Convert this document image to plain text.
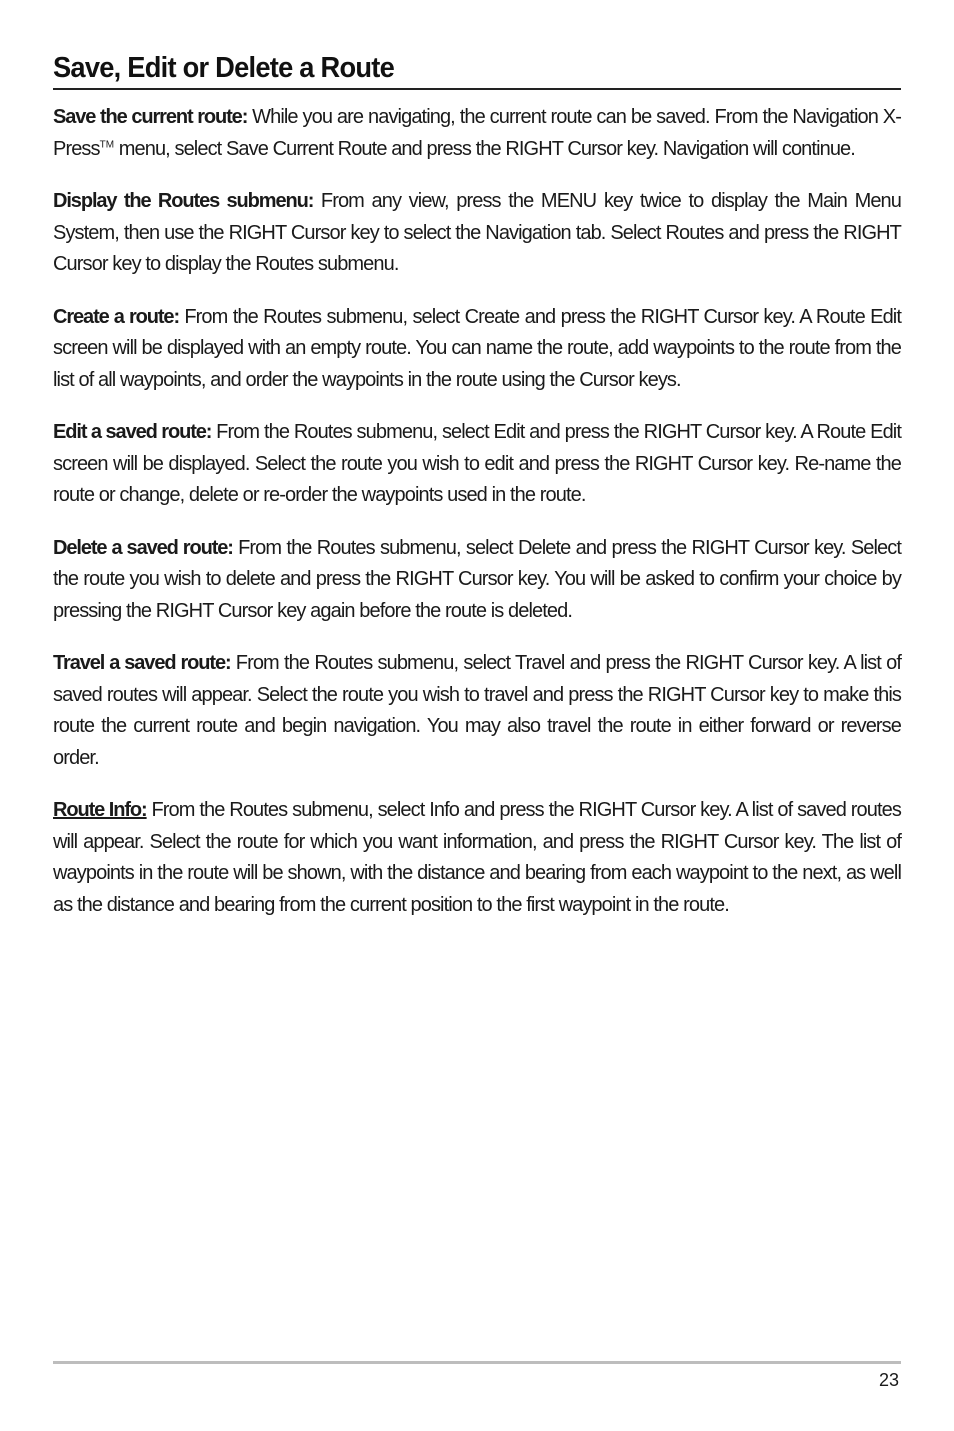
Save, Edit or Delete a Route

Save the current route: While you are navigating, the current route can be saved. From the Navigation X-Press™ menu, select Save Current Route and press the RIGHT Cursor key. Navigation will continue.

Display the Routes submenu: From any view, press the MENU key twice to display the Main Menu System, then use the RIGHT Cursor key to select the Navigation tab. Select Routes and press the RIGHT Cursor key to display the Routes submenu.

Create a route: From the Routes submenu, select Create and press the RIGHT Cursor key. A Route Edit screen will be displayed with an empty route. You can name the route, add waypoints to the route from the list of all waypoints, and order the waypoints in the route using the Cursor keys.

Edit a saved route: From the Routes submenu, select Edit and press the RIGHT Cursor key. A Route Edit screen will be displayed. Select the route you wish to edit and press the RIGHT Cursor key. Re-name the route or change, delete or re-order the waypoints used in the route.

Delete a saved route: From the Routes submenu, select Delete and press the RIGHT Cursor key. Select the route you wish to delete and press the RIGHT Cursor key. You will be asked to confirm your choice by pressing the RIGHT Cursor key again before the route is deleted.

Travel a saved route: From the Routes submenu, select Travel and press the RIGHT Cursor key. A list of saved routes will appear. Select the route you wish to travel and press the RIGHT Cursor key to make this route the current route and begin navigation. You may also travel the route in either forward or reverse order.

Route Info: From the Routes submenu, select Info and press the RIGHT Cursor key. A list of saved routes will appear. Select the route for which you want information, and press the RIGHT Cursor key. The list of waypoints in the route will be shown, with the distance and bearing from each waypoint to the next, as well as the distance and bearing from the current position to the first waypoint in the route.

23
